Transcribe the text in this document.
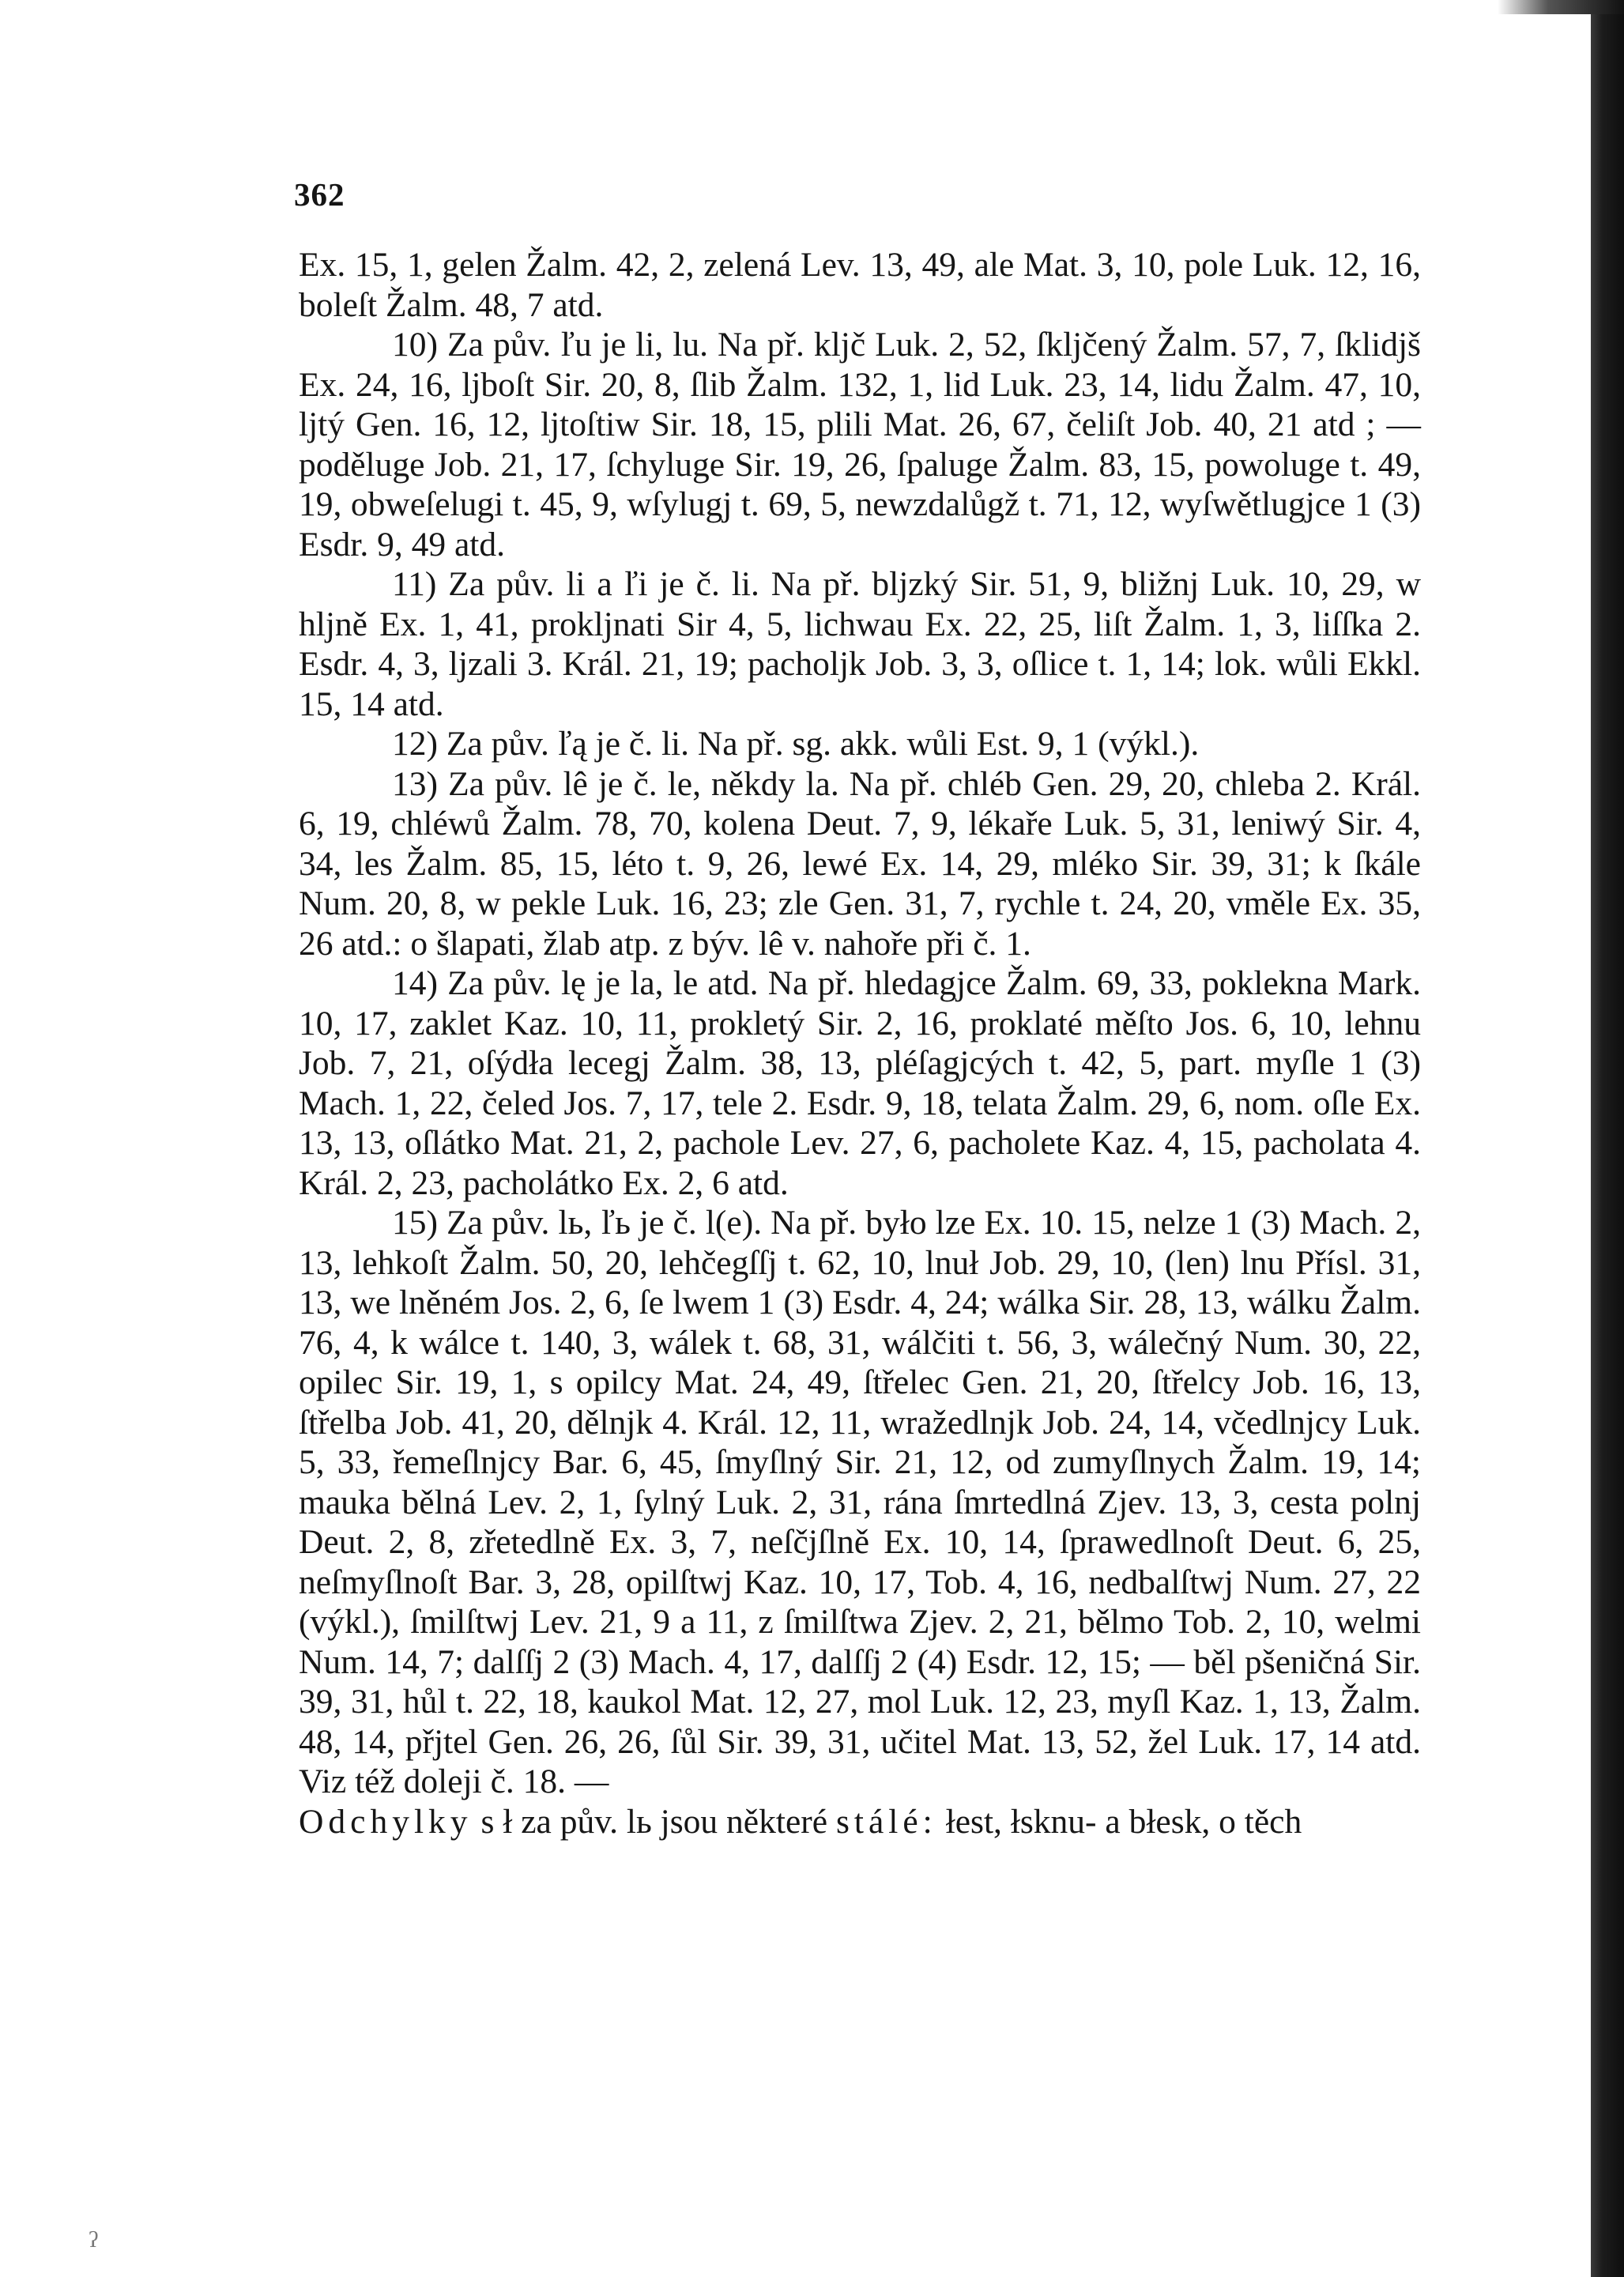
362

Ex. 15, 1, gelen Žalm. 42, 2, zelená Lev. 13, 49, ale Mat. 3, 10, pole Luk. 12, 16, boleſt Žalm. 48, 7 atd.

10) Za pův. ľu je li, lu. Na př. kljč Luk. 2, 52, ſkljčený Žalm. 57, 7, ſklidjš Ex. 24, 16, ljboſt Sir. 20, 8, ſlib Žalm. 132, 1, lid Luk. 23, 14, lidu Žalm. 47, 10, ljtý Gen. 16, 12, ljtoſtiw Sir. 18, 15, plili Mat. 26, 67, čeliſt Job. 40, 21 atd ; — poděluge Job. 21, 17, ſchyluge Sir. 19, 26, ſpaluge Žalm. 83, 15, powoluge t. 49, 19, obweſelugi t. 45, 9, wſylugj t. 69, 5, newzdalůgž t. 71, 12, wyſwětlugjce 1 (3) Esdr. 9, 49 atd.

11) Za pův. li a ľi je č. li. Na př. bljzký Sir. 51, 9, bližnj Luk. 10, 29, w hljně Ex. 1, 41, proklјnati Sir 4, 5, lichwau Ex. 22, 25, liſt Žalm. 1, 3, liſſka 2. Esdr. 4, 3, ljzali 3. Král. 21, 19; pacholjk Job. 3, 3, oſlice t. 1, 14; lok. wůli Ekkl. 15, 14 atd.

12) Za pův. ľą je č. li. Na př. sg. akk. wůli Est. 9, 1 (výkl.).

13) Za pův. lê je č. le, někdy la. Na př. chléb Gen. 29, 20, chleba 2. Král. 6, 19, chléwů Žalm. 78, 70, kolena Deut. 7, 9, lékaře Luk. 5, 31, leniwý Sir. 4, 34, les Žalm. 85, 15, léto t. 9, 26, lewé Ex. 14, 29, mléko Sir. 39, 31; k ſkále Num. 20, 8, w pekle Luk. 16, 23; zle Gen. 31, 7, rychle t. 24, 20, vměle Ex. 35, 26 atd.: o šlapati, žlab atp. z býv. lê v. nahoře při č. 1.

14) Za pův. lę je la, le atd. Na př. hledagjce Žalm. 69, 33, poklekna Mark. 10, 17, zaklet Kaz. 10, 11, prokletý Sir. 2, 16, proklaté měſto Jos. 6, 10, lehnu Job. 7, 21, oſýdła lecegj Žalm. 38, 13, pléſagjcých t. 42, 5, part. myſle 1 (3) Mach. 1, 22, čeled Jos. 7, 17, tele 2. Esdr. 9, 18, telata Žalm. 29, 6, nom. oſle Ex. 13, 13, oſlátko Mat. 21, 2, pachole Lev. 27, 6, pacholete Kaz. 4, 15, pacholata 4. Král. 2, 23, pacholátko Ex. 2, 6 atd.

15) Za pův. lь, ľь je č. l(e). Na př. było lze Ex. 10. 15, nelze 1 (3) Mach. 2, 13, lehkoſt Žalm. 50, 20, lehčegſſj t. 62, 10, lnuł Job. 29, 10, (len) lnu Přísl. 31, 13, we lněném Jos. 2, 6, ſe lwem 1 (3) Esdr. 4, 24; wálka Sir. 28, 13, wálku Žalm. 76, 4, k wálce t. 140, 3, wálek t. 68, 31, wálčiti t. 56, 3, wálečný Num. 30, 22, opilec Sir. 19, 1, s opilcy Mat. 24, 49, ſtřelec Gen. 21, 20, ſtřelcy Job. 16, 13, ſtřelba Job. 41, 20, dělnjk 4. Král. 12, 11, wražedlnjk Job. 24, 14, včedlnjcy Luk. 5, 33, řemeſlnjcy Bar. 6, 45, ſmyſlný Sir. 21, 12, od zumyſlnych Žalm. 19, 14; mauka bělná Lev. 2, 1, ſylný Luk. 2, 31, rána ſmrtedlná Zjev. 13, 3, cesta polnj Deut. 2, 8, zřetedlně Ex. 3, 7, neſčjſlně Ex. 10, 14, ſprawedlnoſt Deut. 6, 25, neſmyſlnoſt Bar. 3, 28, opilſtwj Kaz. 10, 17, Tob. 4, 16, nedbalſtwj Num. 27, 22 (výkl.), ſmilſtwj Lev. 21, 9 a 11, z ſmilſtwa Zjev. 2, 21, bělmo Tob. 2, 10, welmi Num. 14, 7; dalſſj 2 (3) Mach. 4, 17, dalſſj 2 (4) Esdr. 12, 15; — běl pšeničná Sir. 39, 31, hůl t. 22, 18, kaukol Mat. 12, 27, mol Luk. 12, 23, myſl Kaz. 1, 13, Žalm. 48, 14, přjtel Gen. 26, 26, ſůl Sir. 39, 31, učitel Mat. 13, 52, žel Luk. 17, 14 atd. Viz též doleji č. 18. —

Odchylky s ł za pův. lь jsou některé stálé: łest, łsknu- a błesk, o těch

ʔ
